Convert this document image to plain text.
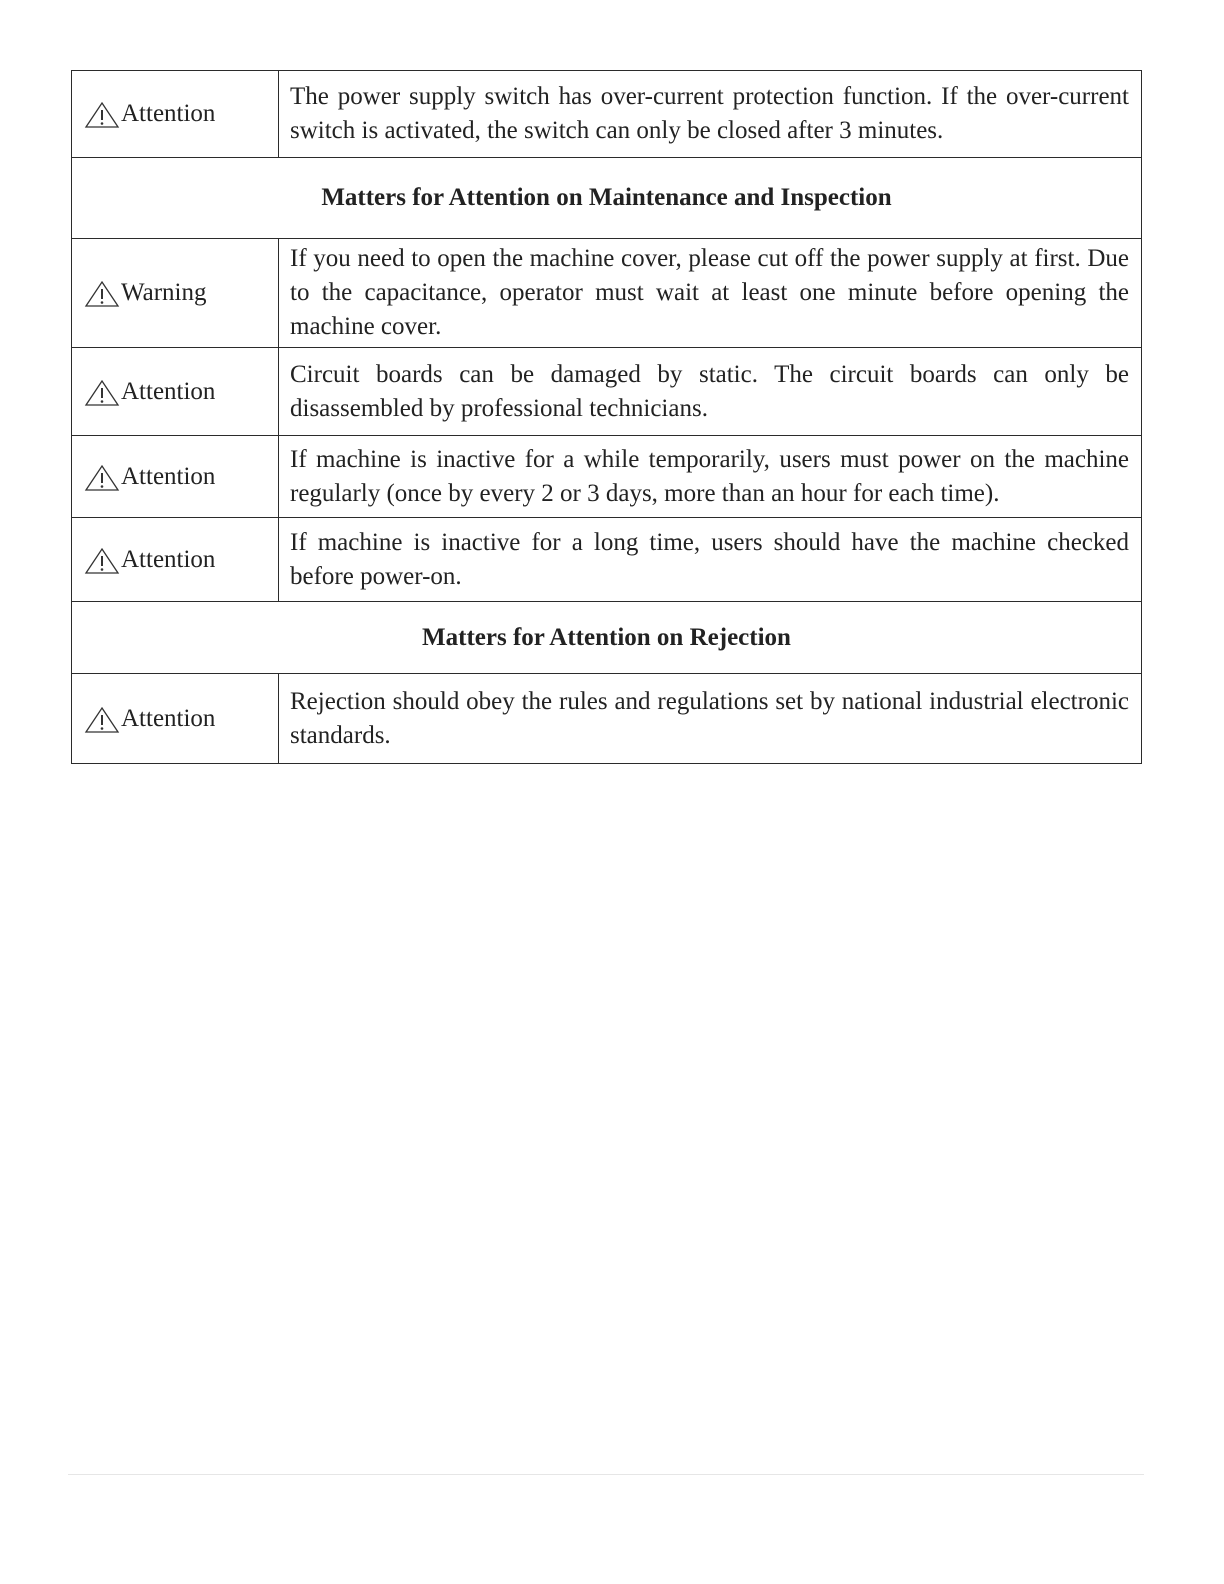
Attention	The power supply switch has over-current protection function. If the over-current switch is activated, the switch can only be closed after 3 minutes.
Matters for Attention on Maintenance and Inspection	

Warning	If you need to open the machine cover, please cut off the power supply at first. Due to the capacitance, operator must wait at least one minute before opening the machine cover.

Attention	Circuit boards can be damaged by static. The circuit boards can only be disassembled by professional technicians.

Attention	If machine is inactive for a while temporarily, users must power on the machine regularly (once by every 2 or 3 days, more than an hour for each time).

Attention	If machine is inactive for a long time, users should have the machine checked before power-on.
Matters for Attention on Rejection	

Attention	Rejection should obey the rules and regulations set by national industrial electronic standards.
